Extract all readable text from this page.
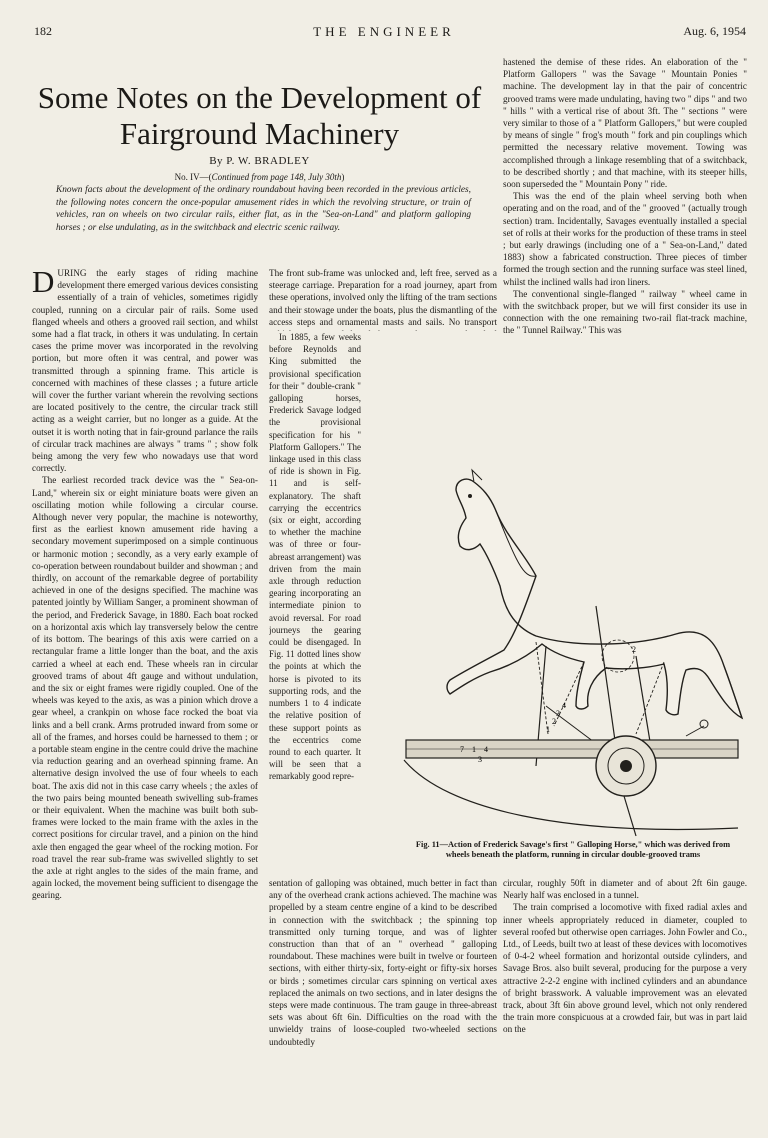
182	THE ENGINEER	Aug. 6, 1954
Some Notes on the Development of Fairground Machinery
By P. W. BRADLEY
No. IV—(Continued from page 148, July 30th)
Known facts about the development of the ordinary roundabout having been recorded in the previous articles, the following notes concern the once-popular amusement rides in which the revolving structure, or train of vehicles, ran on wheels on two circular rails, either flat, as in the "Sea-on-Land" and platform galloping horses ; or else undulating, as in the switchback and electric scenic railway.

DURING the early stages of riding machine development there emerged various devices consisting essentially of a train of vehicles, sometimes rigidly coupled, running on a circular pair of rails. Some used flanged wheels and others a grooved rail section, and whilst some had a flat track, in others it was undulating. In certain cases the prime mover was incorporated in the revolving portion, but more often it was central, and power was transmitted through a spinning frame. This article is concerned with machines of these classes ; a future article will cover the further variant wherein the revolving sections are located positively to the centre, the circular track still acting as a weight carrier, but no longer as a guide. At the outset it is worth noting that in fair-ground parlance the rails of circular track machines are always " trams " ; show folk being among the very few who nowadays use that word correctly.

The earliest recorded track device was the " Sea-on-Land," wherein six or eight miniature boats were given an oscillating motion while following a circular course. Although never very popular, the machine is noteworthy, first as the earliest known amusement ride having a secondary movement superimposed on a simple continuous or harmonic motion ; secondly, as a very early example of co-operation between roundabout builder and showman ; and thirdly, on account of the remarkable degree of portability achieved in one of the designs specified. The machine was patented jointly by William Sanger, a prominent showman of the period, and Frederick Savage, in 1880. Each boat rocked on a horizontal axis which lay transversely below the centre of its bottom. The bearings of this axis were carried on a rectangular frame a little longer than the boat, and the axis carried a wheel at each end. These wheels ran in circular grooved trams of about 4ft gauge and without undulation, and the six or eight frames were rigidly coupled. One of the wheels was keyed to the axis, as was a pinion which drove a gear wheel, a crankpin on whose face rocked the boat via links and a bell crank. Arms protruded inward from some or all of the frames, and horses could be harnessed to them ; or a portable steam engine in the centre could drive the machine via reduction gearing and an overhead spinning frame. An alternative design involved the use of four wheels to each boat. The axis did not in this case carry wheels ; the axles of the two pairs being mounted beneath swivelling sub-frames or their equivalent. When the machine was built both sub-frames were locked to the main frame with the axles in the correct positions for circular travel, and a pinion on the hind axle then engaged the gear wheel of the rocking motion. For road travel the rear sub-frame was swivelled slightly to set the axle at right angles to the sides of the main frame, and again locked, the movement being sufficient to disengage the gearing.

The front sub-frame was unlocked and, left free, served as a steerage carriage. Preparation for a road journey, apart from these operations, involved only the lifting of the tram sections and their stowage under the boats, plus the dismantling of the access steps and ornamental masts and sails. No transport

In 1885, a few weeks before Reynolds and King submitted the provisional specification for their " double-crank " galloping horses, Frederick Savage lodged the provisional specification for his " Platform Gallopers." The linkage used in this class of ride is shown in Fig. 11 and is self-explanatory. The shaft carrying the eccentrics (six or eight, according to whether the machine was of three or four-abreast arrangement) was driven from the main axle through reduction gearing incorporating an intermediate pinion to avoid reversal. For road journeys the gearing could be disengaged. In Fig. 11 dotted lines show the points at which the horse is pivoted to its supporting rods, and the numbers 1 to 4 indicate the relative position of these support points as the eccentrics come round to each quarter. It will be seen that a remarkably good repre-

sentation of galloping was obtained, much better in fact than any of the overhead crank actions achieved. The machine was propelled by a steam centre engine of a kind to be described in connection with the switchback ; the spinning top transmitted only turning torque, and was of lighter construction than that of an " overhead " galloping roundabout. These machines were built in twelve or fourteen sections, with either thirty-six, forty-eight or fifty-six horses or birds ; sometimes circular cars spinning on vertical axes replaced the animals on two sections, and in later designs the steps were made continuous. The tram gauge in three-abreast sets was about 6ft 6in. Difficulties on the road with the unwieldy trains of loose-coupled two-wheeled sections undoubtedly

hastened the demise of these rides. An elaboration of the " Platform Gallopers " was the Savage " Mountain Ponies " machine. The development lay in that the pair of concentric grooved trams were made undulating, having two " dips " and two " hills " with a vertical rise of about 3ft. The " sections " were very similar to those of a " Platform Gallopers," but were coupled by means of single " frog's mouth " fork and pin couplings which permitted the necessary relative movement. Towing was accomplished through a linkage resembling that of a switchback, to be described shortly ; and that machine, with its steeper hills, soon superseded the " Mountain Pony " ride.

This was the end of the plain wheel serving both when operating and on the road, and of the " grooved " (actually trough section) tram. Incidentally, Savages eventually installed a special set of rolls at their works for the production of these trams in steel ; but early drawings (including one of a " Sea-on-Land," dated 1883) show a fabricated construction. Three pieces of timber formed the trough section and the running surface was steel lined, whilst the inclined walls had iron liners.

The conventional single-flanged " railway " wheel came in with the switchback proper, but we will first consider its use in connection with the one remaining two-rail flat-track machine, the " Tunnel Railway." This was

circular, roughly 50ft in diameter and of about 2ft 6in gauge. Nearly half was enclosed in a tunnel.

The train comprised a locomotive with fixed radial axles and inner wheels appropriately reduced in diameter, coupled to several roofed but otherwise open carriages. John Fowler and Co., Ltd., of Leeds, built two at least of these devices with locomotives of 0-4-2 wheel formation and horizontal outside cylinders, and Savage Bros. also built several, producing for the purpose a very attractive 2-2-2 engine with inclined cylinders and an abundance of bright brasswork. A valuable improvement was an elevated track, about 3ft 6in above ground level, which not only rendered the train more conspicuous at a crowded fair, but was in part laid on the

1
2
3
4
7 1
2
3
4
Fig. 11—Action of Frederick Savage's first " Galloping Horse," which was derived from wheels beneath the platform, running in circular double-grooved trams
